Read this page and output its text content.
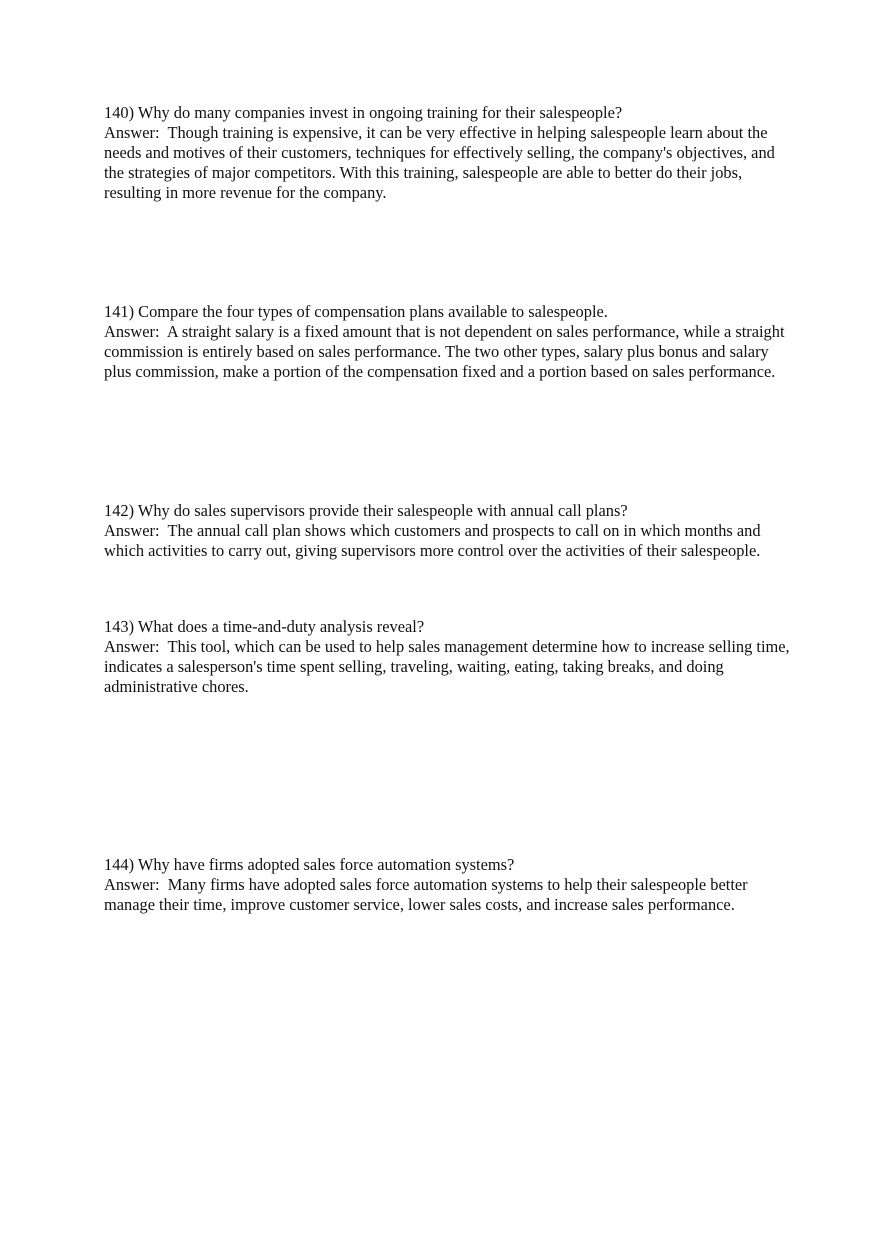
140) Why do many companies invest in ongoing training for their salespeople?

Answer:  Though training is expensive, it can be very effective in helping salespeople learn about the needs and motives of their customers, techniques for effectively selling, the company's objectives, and the strategies of major competitors. With this training, salespeople are able to better do their jobs, resulting in more revenue for the company.

141) Compare the four types of compensation plans available to salespeople.

Answer:  A straight salary is a fixed amount that is not dependent on sales performance, while a straight commission is entirely based on sales performance. The two other types, salary plus bonus and salary plus commission, make a portion of the compensation fixed and a portion based on sales performance.

142) Why do sales supervisors provide their salespeople with annual call plans?

Answer:  The annual call plan shows which customers and prospects to call on in which months and which activities to carry out, giving supervisors more control over the activities of their salespeople.

143) What does a time-and-duty analysis reveal?

Answer:  This tool, which can be used to help sales management determine how to increase selling time, indicates a salesperson's time spent selling, traveling, waiting, eating, taking breaks, and doing administrative chores.

144) Why have firms adopted sales force automation systems?

Answer:  Many firms have adopted sales force automation systems to help their salespeople better manage their time, improve customer service, lower sales costs, and increase sales performance.
